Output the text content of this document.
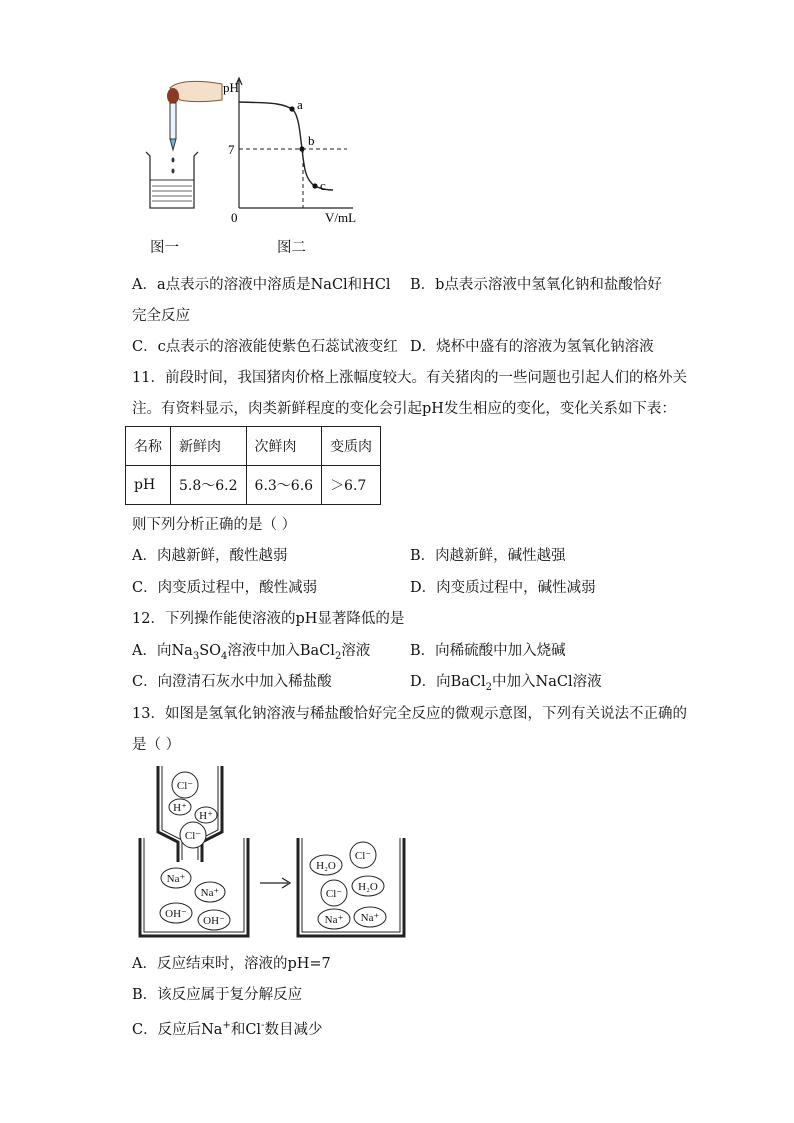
pH
V/mL
0
7
a
b
c
图一	图二
A．a点表示的溶液中溶质是NaCl和HCl B．b点表示溶液中氢氧化钠和盐酸恰好
完全反应
C．c点表示的溶液能使紫色石蕊试液变红 D．烧杯中盛有的溶液为氢氧化钠溶液
11．前段时间，我国猪肉价格上涨幅度较大。有关猪肉的一些问题也引起人们的格外关
注。有资料显示，肉类新鲜程度的变化会引起pH发生相应的变化，变化关系如下表：
名称	新鲜肉	次鲜肉	变质肉
pH	5.8～6.2	6.3～6.6	＞6.7
则下列分析正确的是（ ）
A．肉越新鲜，酸性越弱	B．肉越新鲜，碱性越强
C．肉变质过程中，酸性减弱	D．肉变质过程中，碱性减弱
12．下列操作能使溶液的pH显著降低的是
A．向$Na_3SO_4$溶液中加入BaCl$_2$溶液	B．向稀硫酸中加入烧碱
C．向澄清石灰水中加入稀盐酸	D．向BaCl$_2$中加入NaCl溶液
13．如图是氢氧化钠溶液与稀盐酸恰好完全反应的微观示意图，下列有关说法不正确的
是（ ）
Cl⁻
H⁺
H⁺
Cl⁻
Na⁺
Na⁺
OH⁻
OH⁻
H₂O
Cl⁻
Cl⁻
H₂O
Na⁺ Na⁺
A．反应结束时，溶液的pH=7
B．该反应属于复分解反应
C．反应后Na+和Cl-数目减少
